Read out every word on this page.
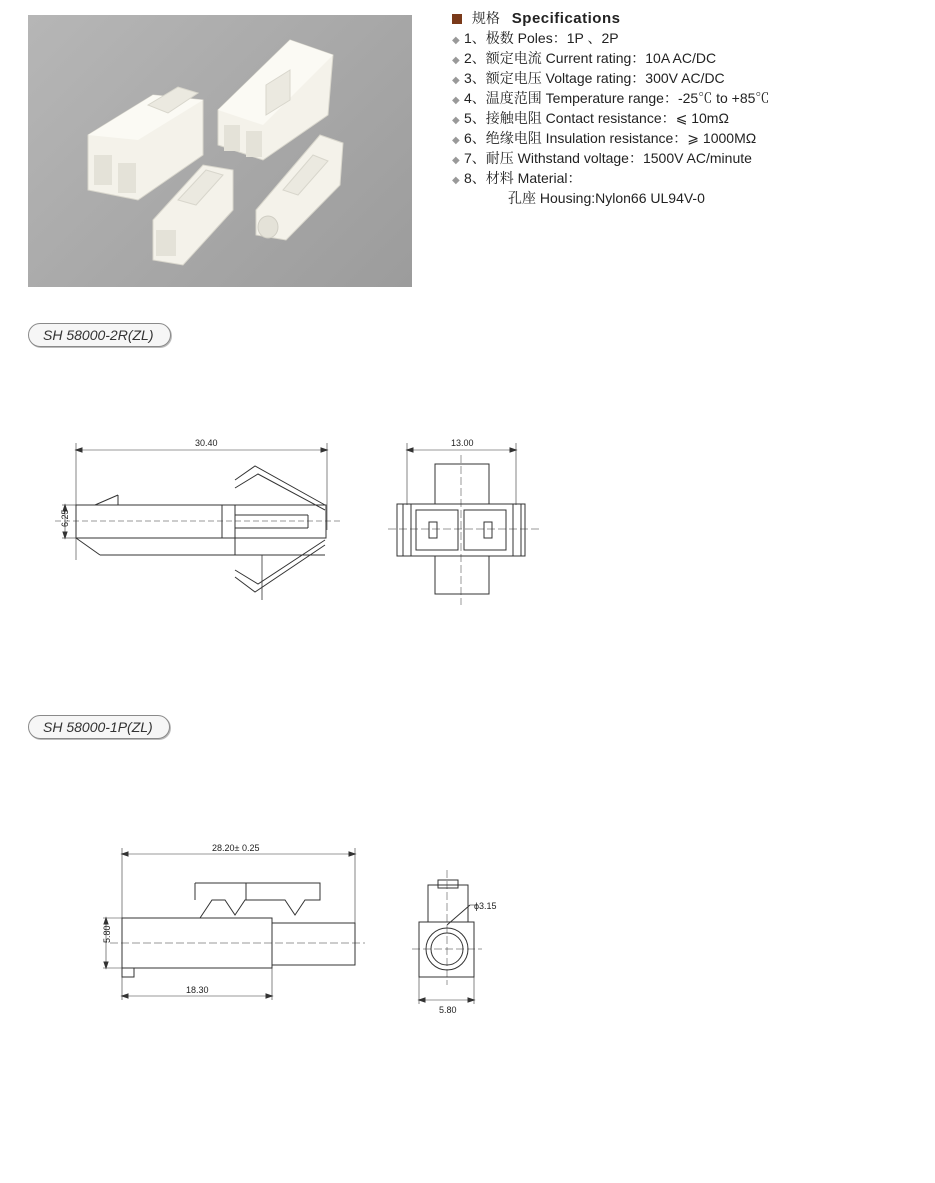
规格 Specifications
◆ 1、极数 Poles：1P 、2P
◆ 2、额定电流 Current rating：10A AC/DC
◆ 3、额定电压 Voltage rating：300V AC/DC
◆ 4、温度范围 Temperature range：-25℃ to +85℃
◆ 5、接触电阻 Contact resistance：⩽ 10mΩ
◆ 6、绝缘电阻 Insulation resistance：⩾ 1000MΩ
◆ 7、耐压 Withstand voltage：1500V AC/minute
◆ 8、材料 Material：
孔座 Housing:Nylon66 UL94V-0
SH 58000-2R(ZL)
SH 58000-1P(ZL)
30.40
6.25
13.00
28.20± 0.25
5.80
18.30
ϕ3.15
5.80
